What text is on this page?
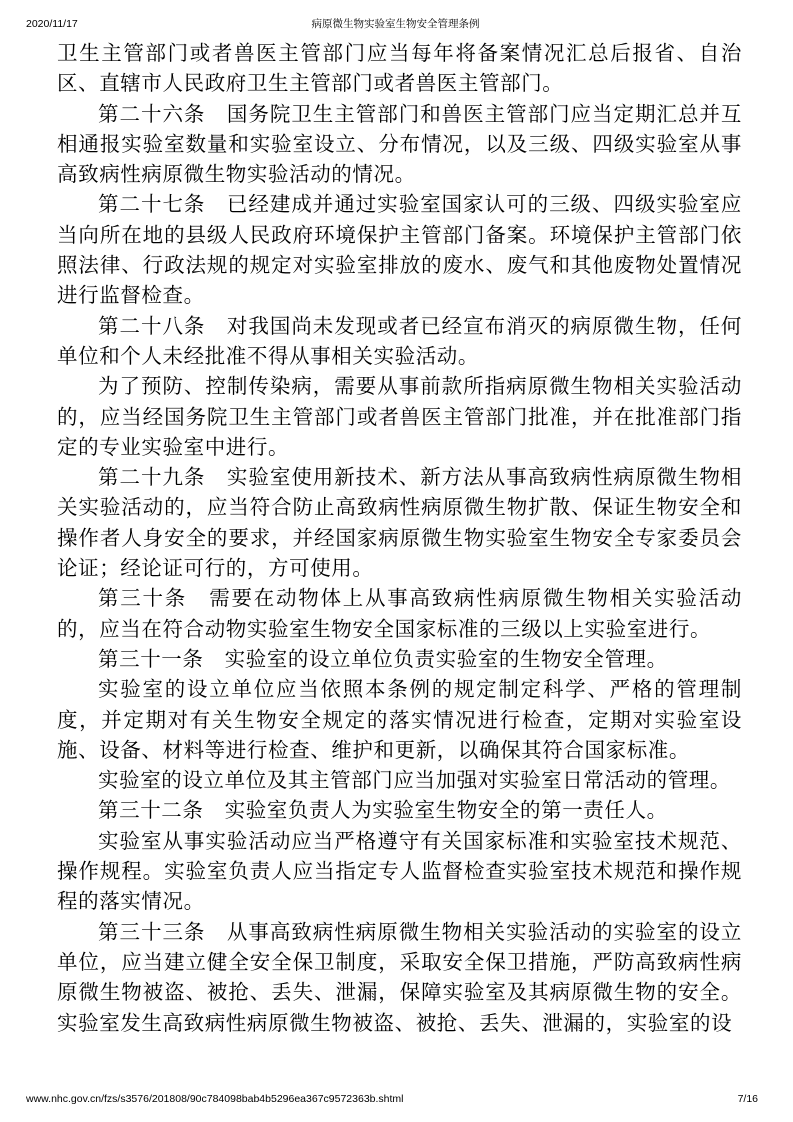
2020/11/17	病原微生物实验室生物安全管理条例

卫生主管部门或者兽医主管部门应当每年将备案情况汇总后报省、自治区、直辖市人民政府卫生主管部门或者兽医主管部门。

第二十六条　国务院卫生主管部门和兽医主管部门应当定期汇总并互相通报实验室数量和实验室设立、分布情况，以及三级、四级实验室从事高致病性病原微生物实验活动的情况。

第二十七条　已经建成并通过实验室国家认可的三级、四级实验室应当向所在地的县级人民政府环境保护主管部门备案。环境保护主管部门依照法律、行政法规的规定对实验室排放的废水、废气和其他废物处置情况进行监督检查。

第二十八条　对我国尚未发现或者已经宣布消灭的病原微生物，任何单位和个人未经批准不得从事相关实验活动。

为了预防、控制传染病，需要从事前款所指病原微生物相关实验活动的，应当经国务院卫生主管部门或者兽医主管部门批准，并在批准部门指定的专业实验室中进行。

第二十九条　实验室使用新技术、新方法从事高致病性病原微生物相关实验活动的，应当符合防止高致病性病原微生物扩散、保证生物安全和操作者人身安全的要求，并经国家病原微生物实验室生物安全专家委员会论证；经论证可行的，方可使用。

第三十条　需要在动物体上从事高致病性病原微生物相关实验活动的，应当在符合动物实验室生物安全国家标准的三级以上实验室进行。

第三十一条　实验室的设立单位负责实验室的生物安全管理。

实验室的设立单位应当依照本条例的规定制定科学、严格的管理制度，并定期对有关生物安全规定的落实情况进行检查，定期对实验室设施、设备、材料等进行检查、维护和更新，以确保其符合国家标准。

实验室的设立单位及其主管部门应当加强对实验室日常活动的管理。

第三十二条　实验室负责人为实验室生物安全的第一责任人。

实验室从事实验活动应当严格遵守有关国家标准和实验室技术规范、操作规程。实验室负责人应当指定专人监督检查实验室技术规范和操作规程的落实情况。

第三十三条　从事高致病性病原微生物相关实验活动的实验室的设立单位，应当建立健全安全保卫制度，采取安全保卫措施，严防高致病性病原微生物被盗、被抢、丢失、泄漏，保障实验室及其病原微生物的安全。实验室发生高致病性病原微生物被盗、被抢、丢失、泄漏的，实验室的设

www.nhc.gov.cn/fzs/s3576/201808/90c784098bab4b5296ea367c9572363b.shtml	7/16
